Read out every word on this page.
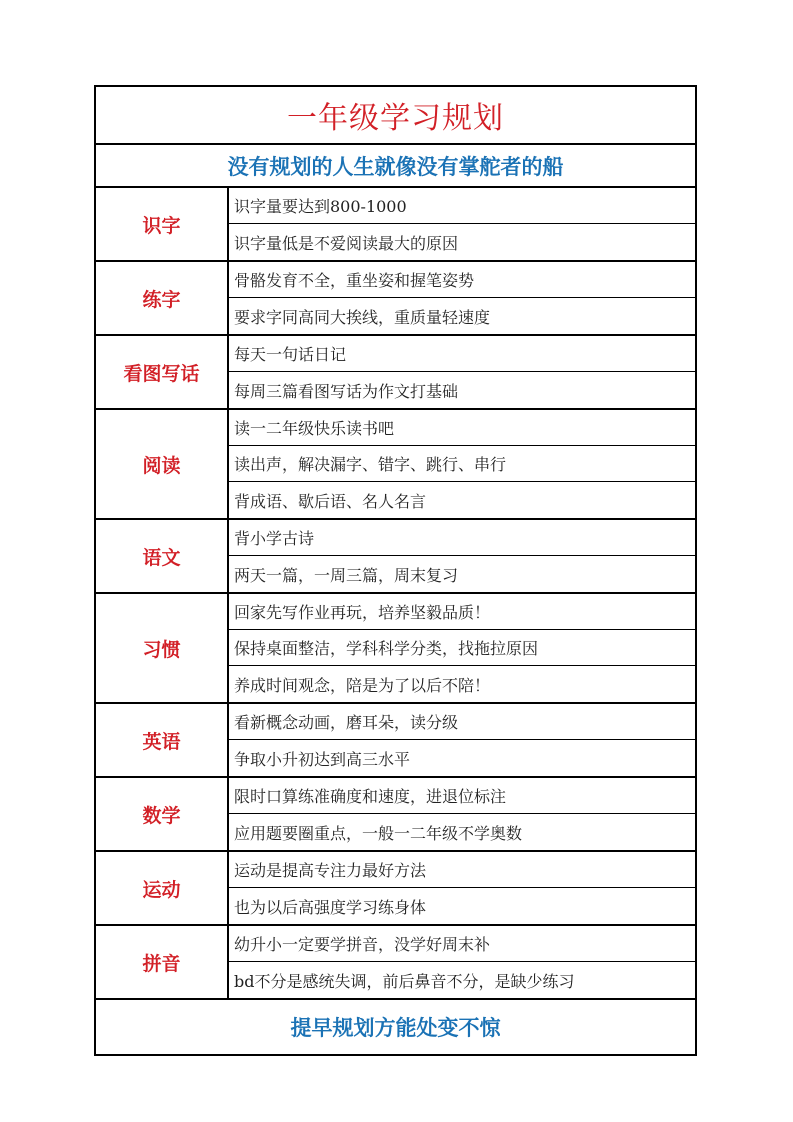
一年级学习规划
没有规划的人生就像没有掌舵者的船
识字
识字量要达到800-1000
识字量低是不爱阅读最大的原因
练字
骨骼发育不全，重坐姿和握笔姿势
要求字同高同大挨线，重质量轻速度
看图写话
每天一句话日记
每周三篇看图写话为作文打基础
阅读
读一二年级快乐读书吧
读出声，解决漏字、错字、跳行、串行
背成语、歇后语、名人名言
语文
背小学古诗
两天一篇，一周三篇，周末复习
习惯
回家先写作业再玩，培养坚毅品质！
保持桌面整洁，学科科学分类，找拖拉原因
养成时间观念，陪是为了以后不陪！
英语
看新概念动画，磨耳朵，读分级
争取小升初达到高三水平
数学
限时口算练准确度和速度，进退位标注
应用题要圈重点，一般一二年级不学奥数
运动
运动是提高专注力最好方法
也为以后高强度学习练身体
拼音
幼升小一定要学拼音，没学好周末补
bd不分是感统失调，前后鼻音不分，是缺少练习
提早规划方能处变不惊
